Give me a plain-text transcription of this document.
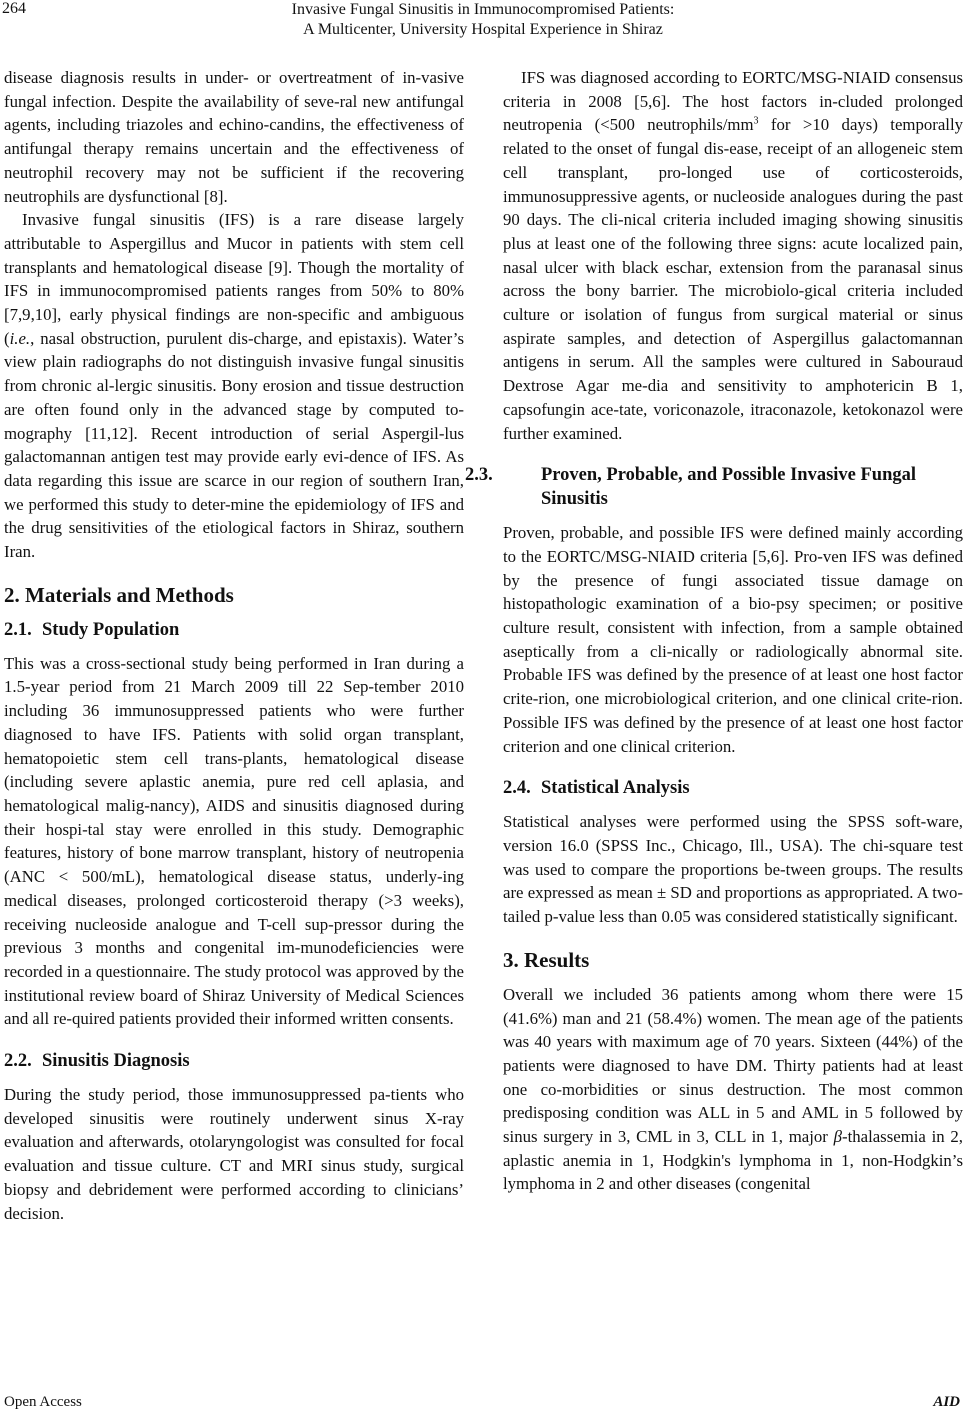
264	Invasive Fungal Sinusitis in Immunocompromised Patients:
A Multicenter, University Hospital Experience in Shiraz

disease diagnosis results in under- or overtreatment of in-vasive fungal infection. Despite the availability of seve-ral new antifungal agents, including triazoles and echino-candins, the effectiveness of antifungal therapy remains uncertain and the effectiveness of neutrophil recovery may not be sufficient if the recovering neutrophils are dysfunctional [8].

Invasive fungal sinusitis (IFS) is a rare disease largely attributable to Aspergillus and Mucor in patients with stem cell transplants and hematological disease [9]. Though the mortality of IFS in immunocompromised patients ranges from 50% to 80% [7,9,10], early physical findings are non-specific and ambiguous (i.e., nasal obstruction, purulent dis-charge, and epistaxis). Water’s view plain radiographs do not distinguish invasive fungal sinusitis from chronic al-lergic sinusitis. Bony erosion and tissue destruction are often found only in the advanced stage by computed to-mography [11,12]. Recent introduction of serial Aspergil-lus galactomannan antigen test may provide early evi-dence of IFS. As data regarding this issue are scarce in our region of southern Iran, we performed this study to deter-mine the epidemiology of IFS and the drug sensitivities of the etiological factors in Shiraz, southern Iran.

2. Materials and Methods
2.1. Study Population

This was a cross-sectional study being performed in Iran during a 1.5-year period from 21 March 2009 till 22 Sep-tember 2010 including 36 immunosuppressed patients who were further diagnosed to have IFS. Patients with solid organ transplant, hematopoietic stem cell trans-plants, hematological disease (including severe aplastic anemia, pure red cell aplasia, and hematological malig-nancy), AIDS and sinusitis diagnosed during their hospi-tal stay were enrolled in this study. Demographic features, history of bone marrow transplant, history of neutropenia (ANC < 500/mL), hematological disease status, underly-ing medical diseases, prolonged corticosteroid therapy (>3 weeks), receiving nucleoside analogue and T-cell sup-pressor during the previous 3 months and congenital im-munodeficiencies were recorded in a questionnaire. The study protocol was approved by the institutional review board of Shiraz University of Medical Sciences and all re-quired patients provided their informed written consents.

2.2. Sinusitis Diagnosis

During the study period, those immunosuppressed pa-tients who developed sinusitis were routinely underwent sinus X-ray evaluation and afterwards, otolaryngologist was consulted for focal evaluation and tissue culture. CT and MRI sinus study, surgical biopsy and debridement were performed according to clinicians’ decision.

IFS was diagnosed according to EORTC/MSG-NIAID consensus criteria in 2008 [5,6]. The host factors in-cluded prolonged neutropenia (<500 neutrophils/$mm^3$ for >10 days) temporally related to the onset of fungal dis-ease, receipt of an allogeneic stem cell transplant, pro-longed use of corticosteroids, immunosuppressive agents, or nucleoside analogues during the past 90 days. The cli-nical criteria included imaging showing sinusitis plus at least one of the following three signs: acute localized pain, nasal ulcer with black eschar, extension from the paranasal sinus across the bony barrier. The microbiolo-gical criteria included culture or isolation of fungus from surgical material or sinus aspirate samples, and detection of Aspergillus galactomannan antigens in serum. All the samples were cultured in Sabouraud Dextrose Agar me-dia and sensitivity to amphotericin B 1, capsofungin ace-tate, voriconazole, itraconazole, ketokonazol were further examined.

2.3.	Proven, Probable, and Possible Invasive Fungal Sinusitis

Proven, probable, and possible IFS were defined mainly according to the EORTC/MSG-NIAID criteria [5,6]. Pro-ven IFS was defined by the presence of fungi associated tissue damage on histopathologic examination of a bio-psy specimen; or positive culture result, consistent with infection, from a sample obtained aseptically from a cli-nically or radiologically abnormal site. Probable IFS was defined by the presence of at least one host factor crite-rion, one microbiological criterion, and one clinical crite-rion. Possible IFS was defined by the presence of at least one host factor criterion and one clinical criterion.

2.4. Statistical Analysis

Statistical analyses were performed using the SPSS soft-ware, version 16.0 (SPSS Inc., Chicago, Ill., USA). The chi-square test was used to compare the proportions be-tween groups. The results are expressed as mean ± SD and proportions as appropriated. A two-tailed p-value less than 0.05 was considered statistically significant.

3. Results

Overall we included 36 patients among whom there were 15 (41.6%) man and 21 (58.4%) women. The mean age of the patients was 40 years with maximum age of 70 years. Sixteen (44%) of the patients were diagnosed to have DM. Thirty patients had at least one co-morbidities or sinus destruction. The most common predisposing condition was ALL in 5 and AML in 5 followed by sinus surgery in 3, CML in 3, CLL in 1, major β-thalassemia in 2, aplastic anemia in 1, Hodgkin's lymphoma in 1, non-Hodgkin’s lymphoma in 2 and other diseases (congenital

Open Access	AID
